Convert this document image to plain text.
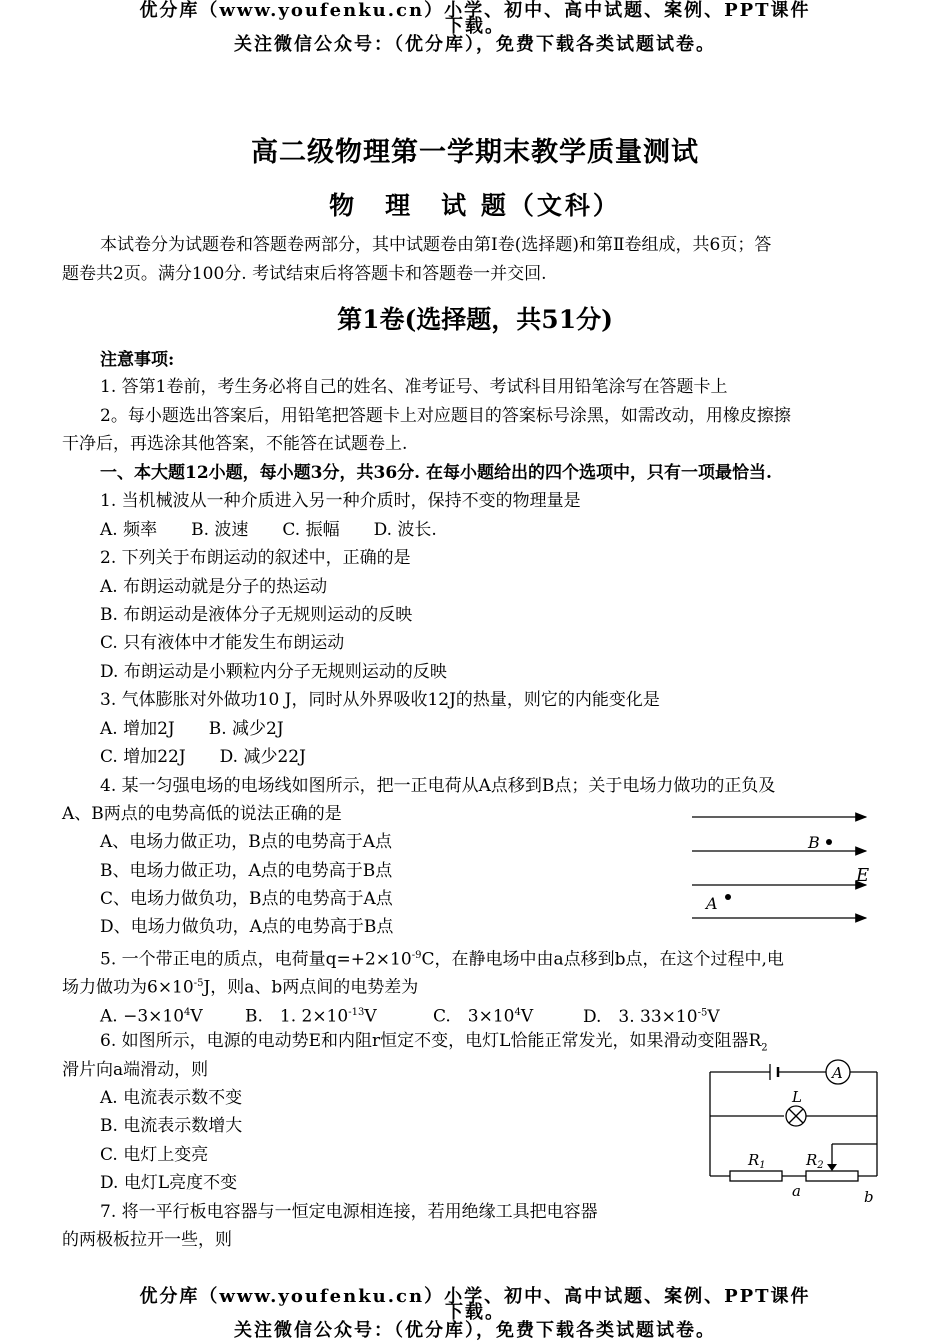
优分库（www.youfenku.cn）小学、初中、高中试题、案例、PPT课件
下载。
关注微信公众号：（优分库），免费下载各类试题试卷。
高二级物理第一学期末教学质量测试
物　理　试 题（文科）
本试卷分为试题卷和答题卷两部分，其中试题卷由第Ⅰ卷(选择题)和第Ⅱ卷组成，共6页；答
题卷共2页。满分100分. 考试结束后将答题卡和答题卷一并交回.
第1卷(选择题，共51分)
注意事项:
1. 答第1卷前，考生务必将自己的姓名、准考证号、考试科目用铅笔涂写在答题卡上
2。每小题选出答案后，用铅笔把答题卡上对应题目的答案标号涂黑，如需改动，用橡皮擦擦
干净后，再选涂其他答案，不能答在试题卷上.
一、本大题12小题，每小题3分，共36分. 在每小题给出的四个选项中，只有一项最恰当.
1. 当机械波从一种介质进入另一种介质时，保持不变的物理量是
A. 频率　　B. 波速　　C. 振幅　　D. 波长.
2. 下列关于布朗运动的叙述中，正确的是
A. 布朗运动就是分子的热运动
B. 布朗运动是液体分子无规则运动的反映
C. 只有液体中才能发生布朗运动
D. 布朗运动是小颗粒内分子无规则运动的反映
3. 气体膨胀对外做功10 J，同时从外界吸收12J的热量，则它的内能变化是
A. 增加2J　　B. 减少2J
C. 增加22J　　D. 减少22J
4. 某一匀强电场的电场线如图所示，把一正电荷从A点移到B点；关于电场力做功的正负及
A、B两点的电势高低的说法正确的是
A、电场力做正功，B点的电势高于A点
B、电场力做正功，A点的电势高于B点
C、电场力做负功，B点的电势高于A点
D、电场力做负功，A点的电势高于B点
B
A
E
5. 一个带正电的质点，电荷量$q=+2\times 10^{-9}C$，在静电场中由a点移到b点，在这个过程中,电
场力做功为$6\times 10^{-5}J$，则a、b两点间的电势差为
A. $-3\times 10^4V$ B.　1. $2\times 10^{-13}V$	C.　$3\times 10^4V$	D.　3. $33\times 10^{-5}V$
6. 如图所示，电源的电动势E和内阻r恒定不变，电灯L恰能正常发光，如果滑动变阻器$R_2$
滑片向a端滑动，则
A. 电流表示数不变
B. 电流表示数增大
C. 电灯上变亮
D. 电灯L亮度不变
A
L
$R_1$	$R_2$
a	b
7. 将一平行板电容器与一恒定电源相连接，若用绝缘工具把电容器
的两极板拉开一些，则
优分库（www.youfenku.cn）小学、初中、高中试题、案例、PPT课件
下载。
关注微信公众号：（优分库），免费下载各类试题试卷。
